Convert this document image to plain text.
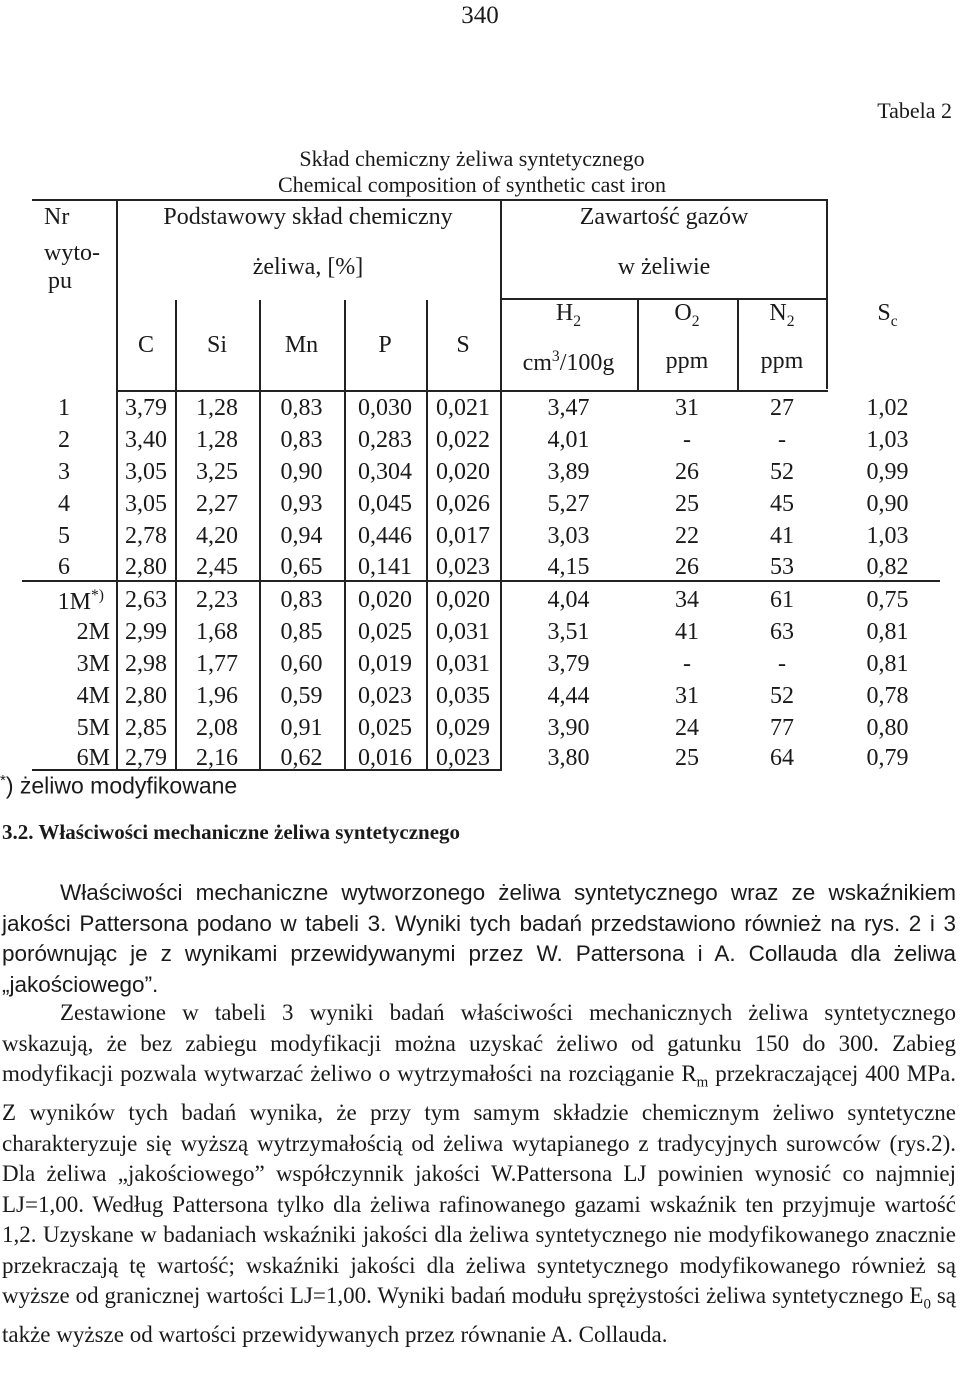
340
Tabela 2
Skład chemiczny żeliwa syntetycznego
Chemical composition of synthetic cast iron
Nr
wyto-
pu
Podstawowy skład chemiczny
żeliwa, [%]
Zawartość gazów
w żeliwie
C	Si	Mn	P	S
$H_2$
$cm^3/100g$
$O_2$
ppm
$N_2$
ppm
$S_c$
1	3,79	1,28	0,83	0,030	0,021	3,47	31	27	1,02
2	3,40	1,28	0,83	0,283	0,022	4,01	-	-	1,03
3	3,05	3,25	0,90	0,304	0,020	3,89	26	52	0,99
4	3,05	2,27	0,93	0,045	0,026	5,27	25	45	0,90
5	2,78	4,20	0,94	0,446	0,017	3,03	22	41	1,03
6	2,80	2,45	0,65	0,141	0,023	4,15	26	53	0,82
1M*) 2,63	2,23	0,83	0,020	0,020	4,04	34	61	0,75
2M 2,99	1,68	0,85	0,025	0,031	3,51	41	63	0,81
3M 2,98	1,77	0,60	0,019	0,031	3,79	-	-	0,81
4M 2,80	1,96	0,59	0,023	0,035	4,44	31	52	0,78
5M 2,85	2,08	0,91	0,025	0,029	3,90	24	77	0,80
6M 2,79	2,16	0,62	0,016	0,023	3,80	25	64	0,79
*) żeliwo modyfikowane
3.2. Właściwości mechaniczne żeliwa syntetycznego
Właściwości mechaniczne wytworzonego żeliwa syntetycznego wraz ze wskaźnikiem jakości Pattersona podano w tabeli 3. Wyniki tych badań przedstawiono również na rys. 2 i 3 porównując je z wynikami przewidywanymi przez W. Pattersona i A. Collauda dla żeliwa „jakościowego”.
Zestawione w tabeli 3 wyniki badań właściwości mechanicznych żeliwa syntetycznego wskazują, że bez zabiegu modyfikacji można uzyskać żeliwo od gatunku 150 do 300. Zabieg modyfikacji pozwala wytwarzać żeliwo o wytrzymałości na rozciąganie $R_m$ przekraczającej 400 MPa. Z wyników tych badań wynika, że przy tym samym składzie chemicznym żeliwo syntetyczne charakteryzuje się wyższą wytrzymałością od żeliwa wytapianego z tradycyjnych surowców (rys.2). Dla żeliwa „jakościowego” współczynnik jakości W.Pattersona LJ powinien wynosić co najmniej LJ=1,00. Według Pattersona tylko dla żeliwa rafinowanego gazami wskaźnik ten przyjmuje wartość 1,2. Uzyskane w badaniach wskaźniki jakości dla żeliwa syntetycznego nie modyfikowanego znacznie przekraczają tę wartość; wskaźniki jakości dla żeliwa syntetycznego modyfikowanego również są wyższe od granicznej wartości LJ=1,00. Wyniki badań modułu sprężystości żeliwa syntetycznego $E_0$ są także wyższe od wartości przewidywanych przez równanie A. Collauda.
